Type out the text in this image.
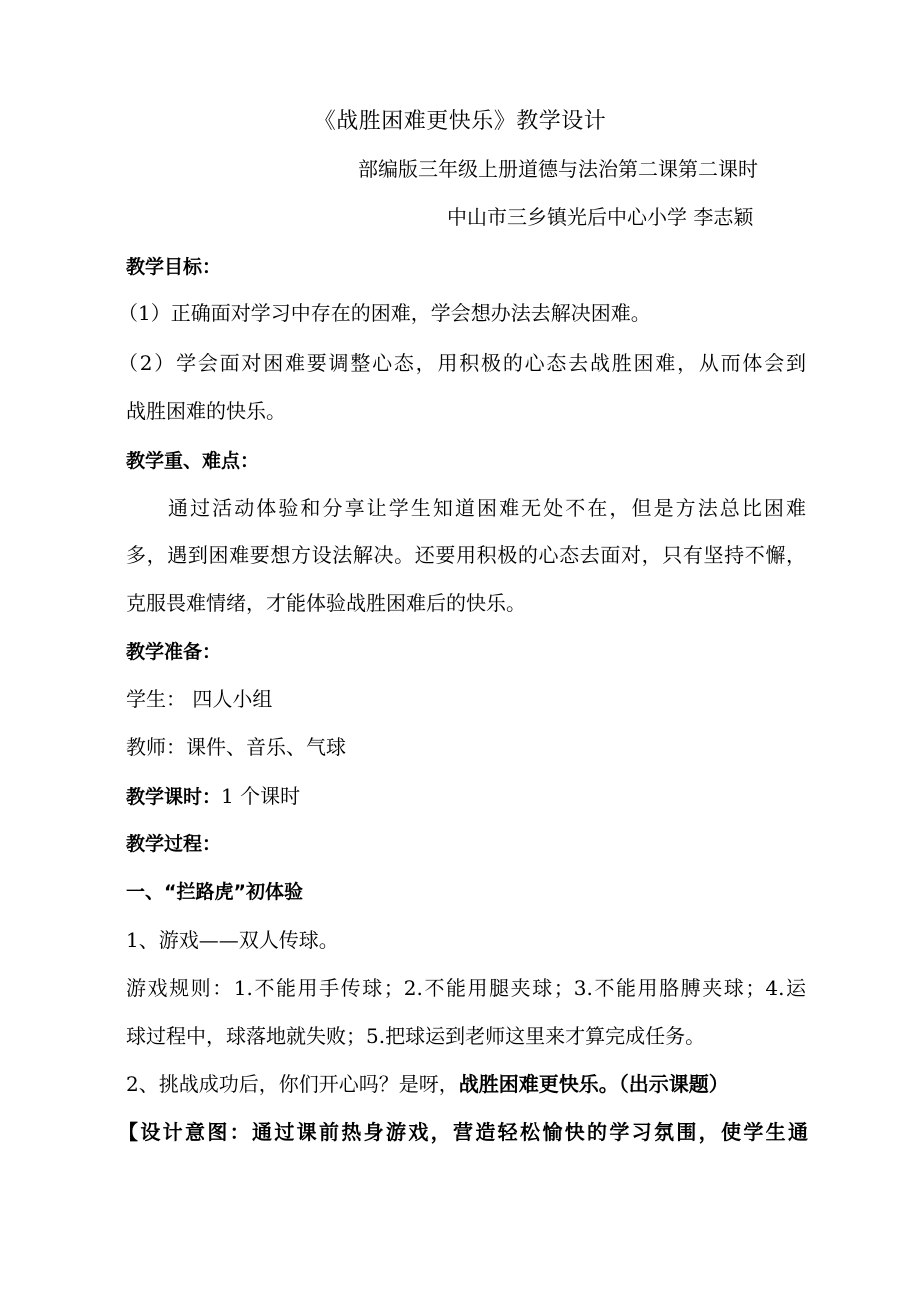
《战胜困难更快乐》教学设计
部编版三年级上册道德与法治第二课第二课时
中山市三乡镇光后中心小学 李志颖
教学目标：
（1）正确面对学习中存在的困难，学会想办法去解决困难。
（2）学会面对困难要调整心态，用积极的心态去战胜困难，从而体会到
战胜困难的快乐。
教学重、难点：
通过活动体验和分享让学生知道困难无处不在，但是方法总比困难
多，遇到困难要想方设法解决。还要用积极的心态去面对，只有坚持不懈，
克服畏难情绪，才能体验战胜困难后的快乐。
教学准备：
学生： 四人小组
教师：课件、音乐、气球
教学课时：1 个课时
教学过程：
一、“拦路虎”初体验
1、游戏——双人传球。
游戏规则：1.不能用手传球；2.不能用腿夹球；3.不能用胳膊夹球；4.运
球过程中，球落地就失败；5.把球运到老师这里来才算完成任务。
2、挑战成功后，你们开心吗？是呀，战胜困难更快乐。（出示课题）
【设计意图：通过课前热身游戏，营造轻松愉快的学习氛围，使学生通
